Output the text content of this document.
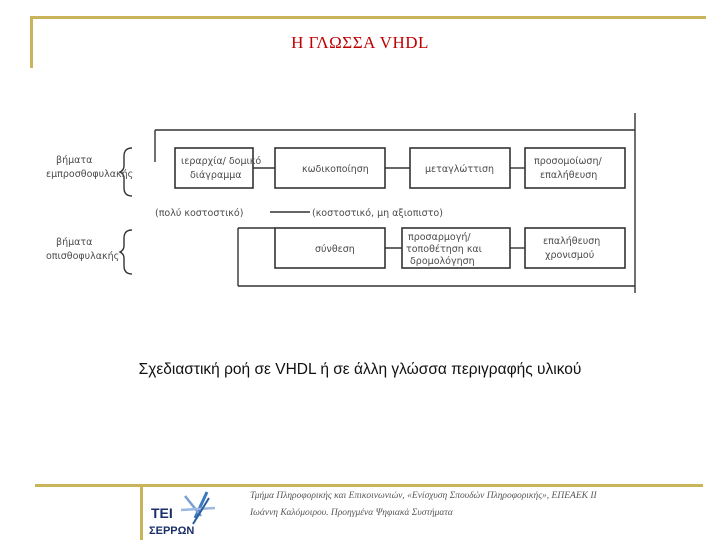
Η ΓΛΩΣΣΑ VHDL
βήματα
εμπροσθοφυλακής
βήματα
οπισθοφυλακής
ιεραρχία/ δομικό
διάγραμμα
κωδικοποίηση	μεταγλώττιση
προσομοίωση/
επαλήθευση
(πολύ κοστοστικό)	(κοστοστικό, μη αξιοπιστο)
σύνθεση
προσαρμογή/
τοποθέτηση και
δρομολόγηση
επαλήθευση
χρονισμού
Σχεδιαστική ροή σε VHDL ή σε άλλη γλώσσα περιγραφής υλικού
ΤΕΙ
ΣΕΡΡΩΝ
Τμήμα Πληροφορικής και Επικοινωνιών, «Ενίσχυση Σπουδών Πληροφορικής», ΕΠΕΑΕΚ ΙΙ
Ιωάννη Καλόμοιρου. Προηγμένα Ψηφιακά Συστήματα
